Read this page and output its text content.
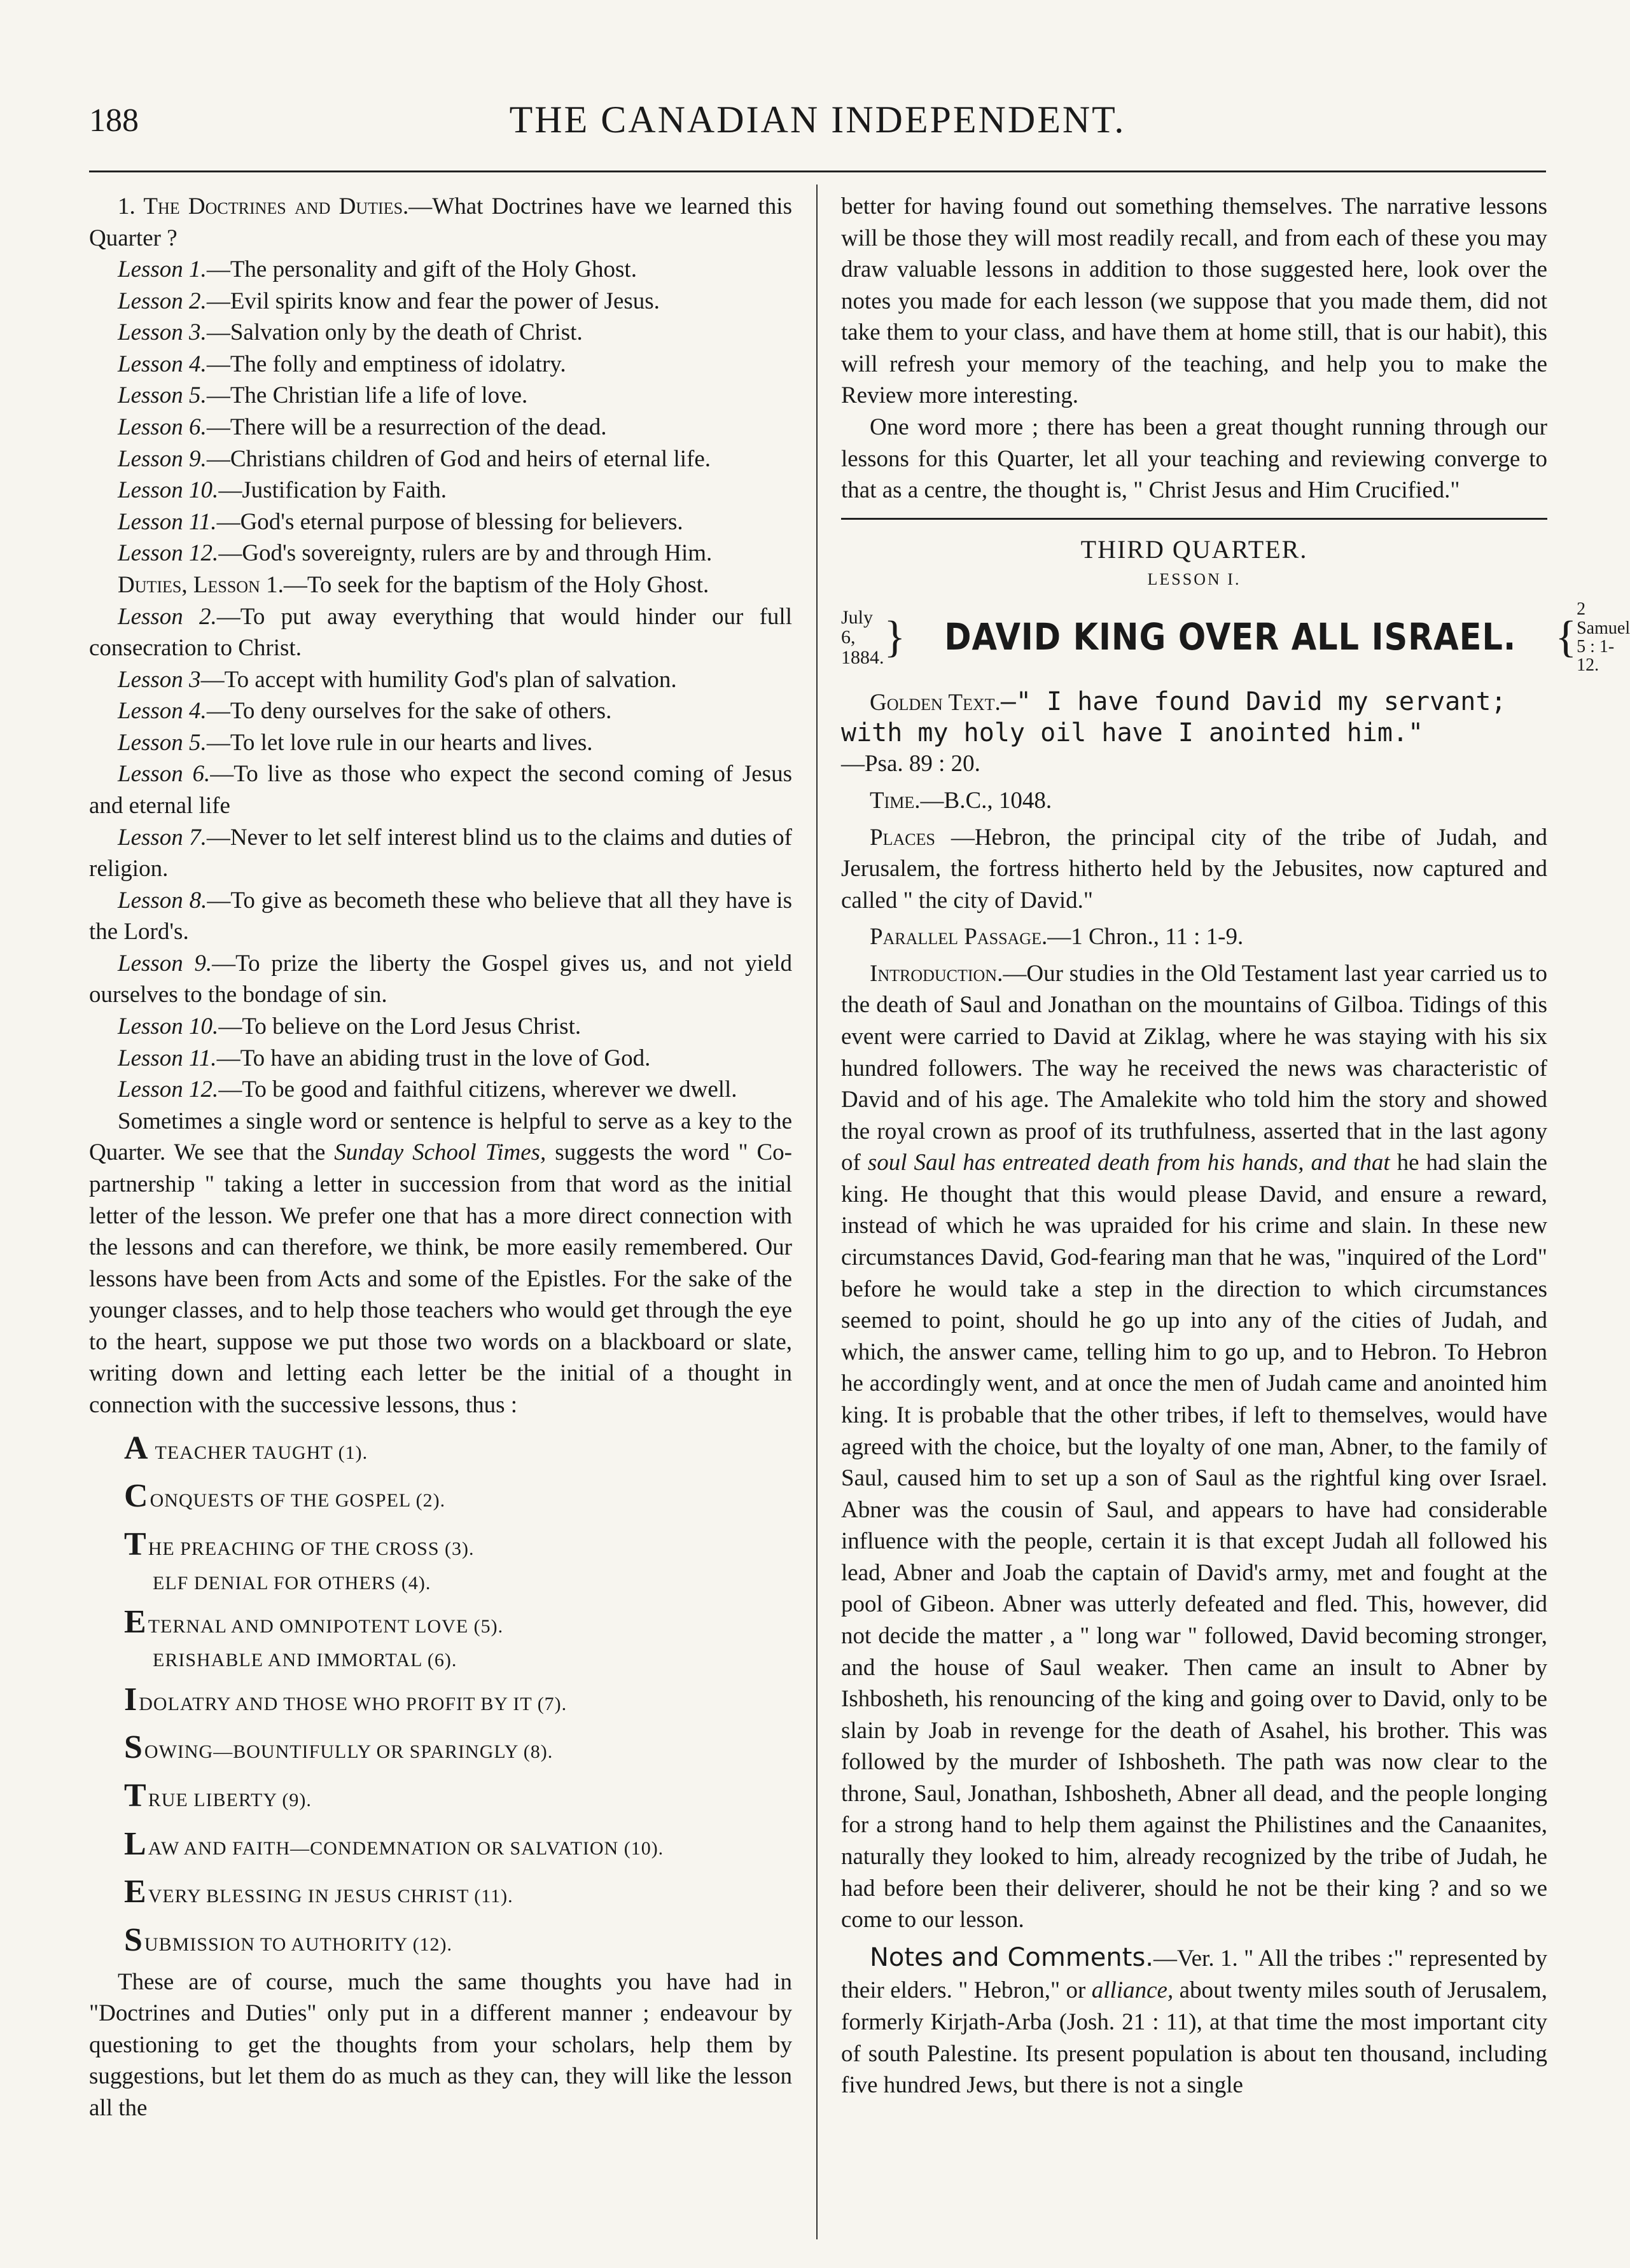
188	THE CANADIAN INDEPENDENT.

1. The Doctrines and Duties.—What Doctrines have we learned this Quarter ?

Lesson 1.—The personality and gift of the Holy Ghost.

Lesson 2.—Evil spirits know and fear the power of Jesus.

Lesson 3.—Salvation only by the death of Christ.

Lesson 4.—The folly and emptiness of idolatry.

Lesson 5.—The Christian life a life of love.

Lesson 6.—There will be a resurrection of the dead.

Lesson 9.—Christians children of God and heirs of eternal life.

Lesson 10.—Justification by Faith.

Lesson 11.—God's eternal purpose of blessing for believers.

Lesson 12.—God's sovereignty, rulers are by and through Him.

Duties, Lesson 1.—To seek for the baptism of the Holy Ghost.

Lesson 2.—To put away everything that would hinder our full consecration to Christ.

Lesson 3—To accept with humility God's plan of salvation.

Lesson 4.—To deny ourselves for the sake of others.

Lesson 5.—To let love rule in our hearts and lives.

Lesson 6.—To live as those who expect the second coming of Jesus and eternal life

Lesson 7.—Never to let self interest blind us to the claims and duties of religion.

Lesson 8.—To give as becometh these who believe that all they have is the Lord's.

Lesson 9.—To prize the liberty the Gospel gives us, and not yield ourselves to the bondage of sin.

Lesson 10.—To believe on the Lord Jesus Christ.

Lesson 11.—To have an abiding trust in the love of God.

Lesson 12.—To be good and faithful citizens, wherever we dwell.

Sometimes a single word or sentence is helpful to serve as a key to the Quarter. We see that the Sunday School Times, suggests the word " Co-partnership " taking a letter in succession from that word as the initial letter of the lesson. We prefer one that has a more direct connection with the lessons and can therefore, we think, be more easily remembered. Our lessons have been from Acts and some of the Epistles. For the sake of the younger classes, and to help those teachers who would get through the eye to the heart, suppose we put those two words on a blackboard or slate, writing down and letting each letter be the initial of a thought in connection with the successive lessons, thus :

A TEACHER TAUGHT (1).
CONQUESTS OF THE GOSPEL (2).
THE PREACHING OF THE CROSS (3).
ELF DENIAL FOR OTHERS (4).
ETERNAL AND OMNIPOTENT LOVE (5).
ERISHABLE AND IMMORTAL (6).
IDOLATRY AND THOSE WHO PROFIT BY IT (7).
SOWING—BOUNTIFULLY OR SPARINGLY (8).
TRUE LIBERTY (9).
LAW AND FAITH—CONDEMNATION OR SALVATION (10).
EVERY BLESSING IN JESUS CHRIST (11).
SUBMISSION TO AUTHORITY (12).

These are of course, much the same thoughts you have had in "Doctrines and Duties" only put in a different manner ; endeavour by questioning to get the thoughts from your scholars, help them by suggestions, but let them do as much as they can, they will like the lesson all the

better for having found out something themselves. The narrative lessons will be those they will most readily recall, and from each of these you may draw valuable lessons in addition to those suggested here, look over the notes you made for each lesson (we suppose that you made them, did not take them to your class, and have them at home still, that is our habit), this will refresh your memory of the teaching, and help you to make the Review more interesting.

One word more ; there has been a great thought running through our lessons for this Quarter, let all your teaching and reviewing converge to that as a centre, the thought is, " Christ Jesus and Him Crucified."

THIRD QUARTER.
LESSON I.
July 6,
1884. } DAVID KING OVER ALL ISRAEL. {
2 Samuel
5 : 1-12.

Golden Text.—" I have found David my servant; with my holy oil have I anointed him."

—Psa. 89 : 20.

Time.—B.C., 1048.

Places —Hebron, the principal city of the tribe of Judah, and Jerusalem, the fortress hitherto held by the Jebusites, now captured and called " the city of David."

Parallel Passage.—1 Chron., 11 : 1-9.

Introduction.—Our studies in the Old Testament last year carried us to the death of Saul and Jonathan on the mountains of Gilboa. Tidings of this event were carried to David at Ziklag, where he was staying with his six hundred followers. The way he received the news was characteristic of David and of his age. The Amalekite who told him the story and showed the royal crown as proof of its truthfulness, asserted that in the last agony of soul Saul has entreated death from his hands, and that he had slain the king. He thought that this would please David, and ensure a reward, instead of which he was upraided for his crime and slain. In these new circumstances David, God-fearing man that he was, "inquired of the Lord" before he would take a step in the direction to which circumstances seemed to point, should he go up into any of the cities of Judah, and which, the answer came, telling him to go up, and to Hebron. To Hebron he accordingly went, and at once the men of Judah came and anointed him king. It is probable that the other tribes, if left to themselves, would have agreed with the choice, but the loyalty of one man, Abner, to the family of Saul, caused him to set up a son of Saul as the rightful king over Israel. Abner was the cousin of Saul, and appears to have had considerable influence with the people, certain it is that except Judah all followed his lead, Abner and Joab the captain of David's army, met and fought at the pool of Gibeon. Abner was utterly defeated and fled. This, however, did not decide the matter , a " long war " followed, David becoming stronger, and the house of Saul weaker. Then came an insult to Abner by Ishbosheth, his renouncing of the king and going over to David, only to be slain by Joab in revenge for the death of Asahel, his brother. This was followed by the murder of Ishbosheth. The path was now clear to the throne, Saul, Jonathan, Ishbosheth, Abner all dead, and the people longing for a strong hand to help them against the Philistines and the Canaanites, naturally they looked to him, already recognized by the tribe of Judah, he had before been their deliverer, should he not be their king ? and so we come to our lesson.

Notes and Comments.—Ver. 1. " All the tribes :" represented by their elders. " Hebron," or alliance, about twenty miles south of Jerusalem, formerly Kirjath-Arba (Josh. 21 : 11), at that time the most important city of south Palestine. Its present population is about ten thousand, including five hundred Jews, but there is not a single
